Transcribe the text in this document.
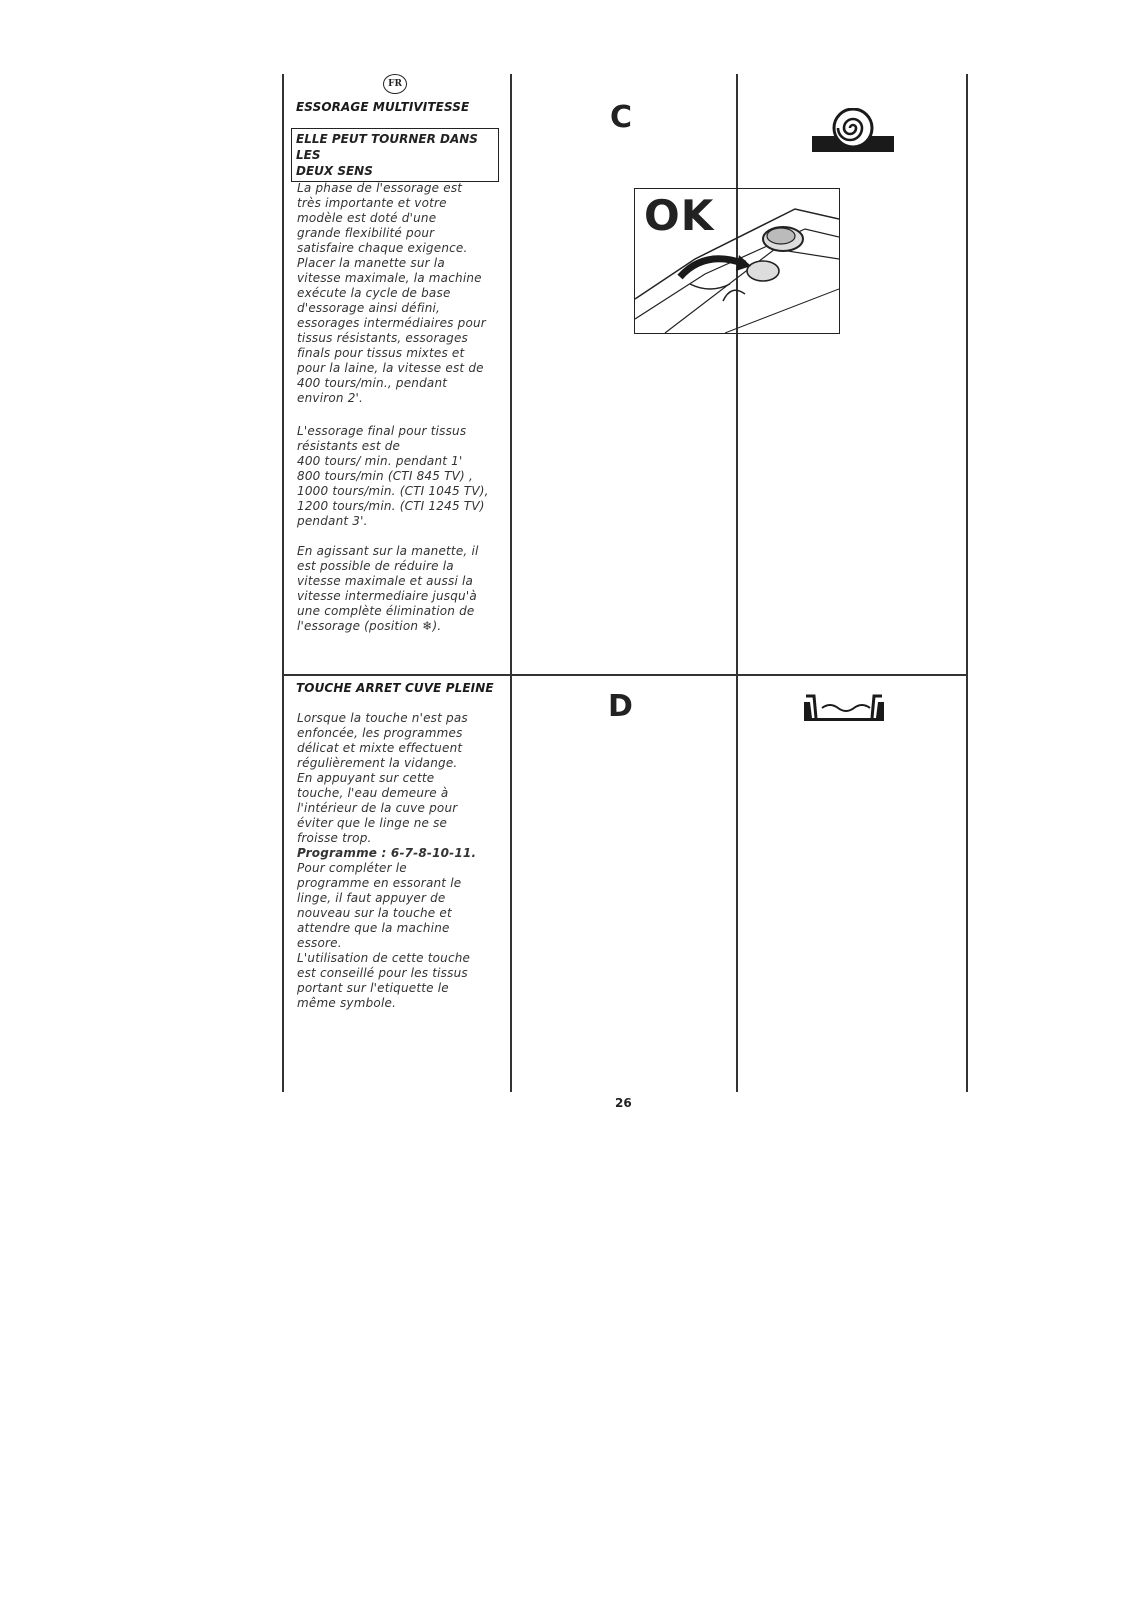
FR
ESSORAGE MULTIVITESSE
ELLE PEUT TOURNER DANS LES
DEUX SENS

La phase de l'essorage est

très importante et votre

modèle est doté d'une

grande flexibilité pour

satisfaire chaque exigence.

Placer la manette sur la

vitesse maximale, la machine

exécute la cycle de base

d'essorage ainsi défini,

essorages intermédiaires pour

tissus résistants, essorages

finals pour tissus mixtes et

pour la laine, la vitesse est de

400 tours/min., pendant

environ 2'.

L'essorage final pour tissus

résistants est de

400 tours/ min. pendant 1'

800 tours/min (CTI 845 TV) ,

1000 tours/min. (CTI 1045 TV),

1200 tours/min. (CTI 1245 TV)

pendant 3'.

En agissant sur la manette, il

est possible de réduire la

vitesse maximale et aussi la

vitesse intermediaire jusqu'à

une complète élimination de

l'essorage (position ❄).

C
OK
TOUCHE ARRET CUVE PLEINE

Lorsque la touche n'est pas

enfoncée, les programmes

délicat et mixte effectuent

régulièrement la vidange.

En appuyant sur cette

touche, l'eau demeure à

l'intérieur de la cuve pour

éviter que le linge ne se

froisse trop.

Programme : 6-7-8-10-11.

Pour compléter le

programme en essorant le

linge, il faut appuyer de

nouveau sur la touche et

attendre que la machine

essore.

L'utilisation de cette touche

est conseillé pour les tissus

portant sur l'etiquette le

même symbole.

D
26
